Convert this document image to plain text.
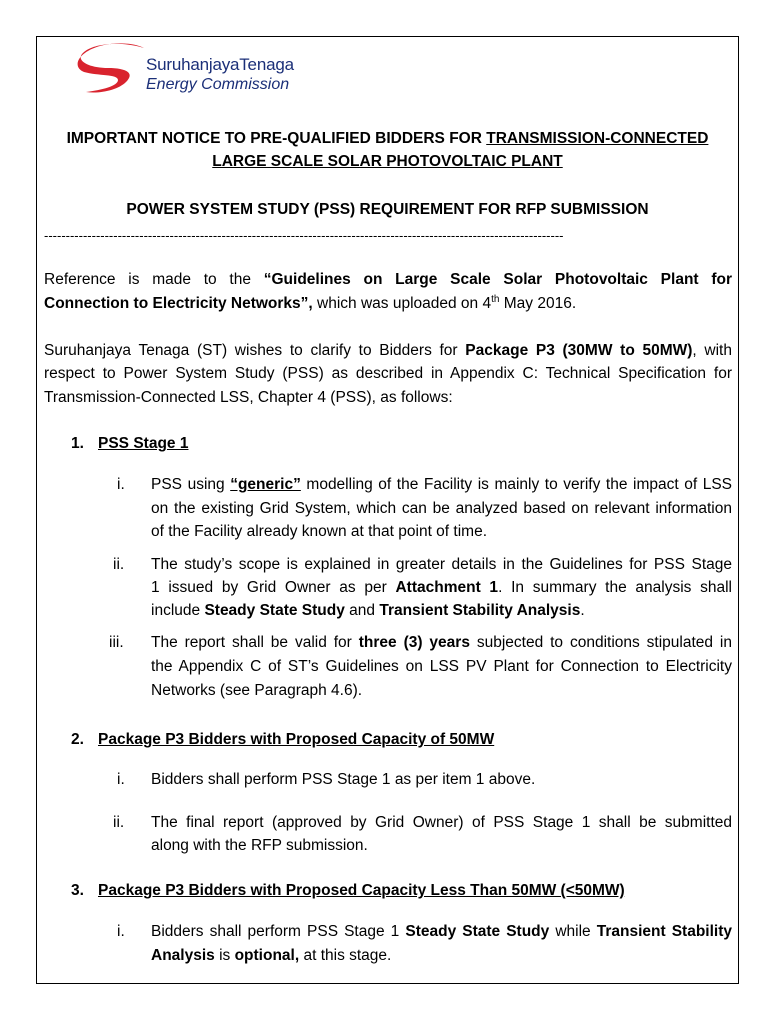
SuruhanjayaTenaga
Energy Commission
IMPORTANT NOTICE TO PRE-QUALIFIED BIDDERS FOR TRANSMISSION-CONNECTED
LARGE SCALE SOLAR PHOTOVOLTAIC PLANT
POWER SYSTEM STUDY (PSS) REQUIREMENT FOR RFP SUBMISSION
------------------------------------------------------------------------------------------------------------------------
Reference is made to the “Guidelines on Large Scale Solar Photovoltaic Plant for
Connection to Electricity Networks”, which was uploaded on 4th May 2016.
Suruhanjaya Tenaga (ST) wishes to clarify to Bidders for Package P3 (30MW to 50MW), with
respect to Power System Study (PSS) as described in Appendix C: Technical Specification for
Transmission-Connected LSS, Chapter 4 (PSS), as follows:
1. PSS Stage 1
i. PSS using “generic” modelling of the Facility is mainly to verify the impact of LSS
on the existing Grid System, which can be analyzed based on relevant information
of the Facility already known at that point of time.
ii. The study’s scope is explained in greater details in the Guidelines for PSS Stage
1 issued by Grid Owner as per Attachment 1. In summary the analysis shall
include Steady State Study and Transient Stability Analysis.
iii. The report shall be valid for three (3) years subjected to conditions stipulated in
the Appendix C of ST’s Guidelines on LSS PV Plant for Connection to Electricity
Networks (see Paragraph 4.6).
2. Package P3 Bidders with Proposed Capacity of 50MW
i. Bidders shall perform PSS Stage 1 as per item 1 above.
ii. The final report (approved by Grid Owner) of PSS Stage 1 shall be submitted
along with the RFP submission.
3. Package P3 Bidders with Proposed Capacity Less Than 50MW (<50MW)
i. Bidders shall perform PSS Stage 1 Steady State Study while Transient Stability
Analysis is optional, at this stage.
